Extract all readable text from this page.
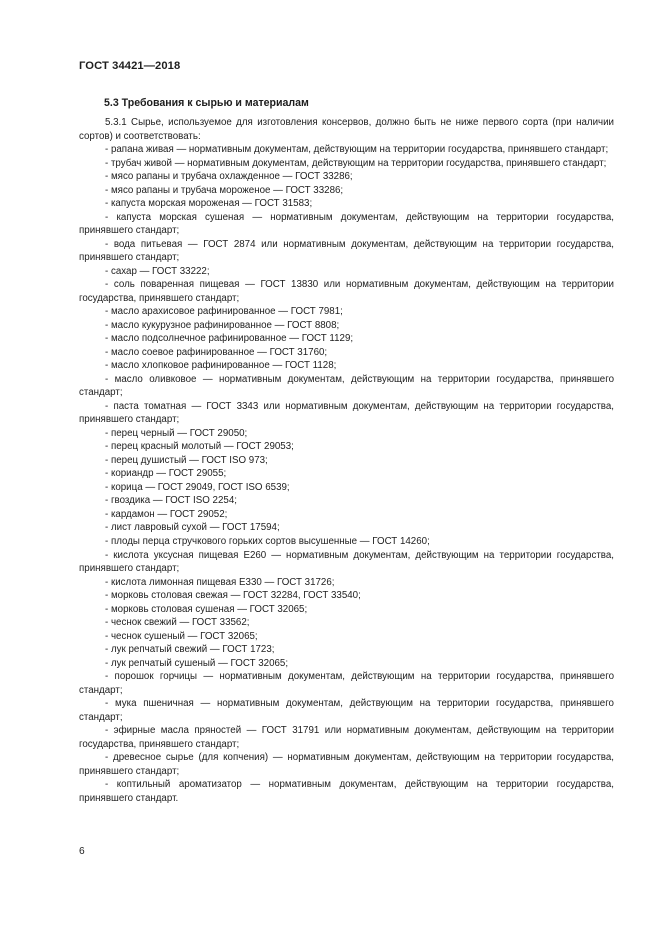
ГОСТ 34421—2018
5.3 Требования к сырью и материалам

5.3.1 Сырье, используемое для изготовления консервов, должно быть не ниже первого сорта (при наличии сортов) и соответствовать:

- рапана живая — нормативным документам, действующим на территории государства, принявшего стандарт;

- трубач живой — нормативным документам, действующим на территории государства, принявшего стандарт;

- мясо рапаны и трубача охлажденное — ГОСТ 33286;

- мясо рапаны и трубача мороженое — ГОСТ 33286;

- капуста морская мороженая — ГОСТ 31583;

- капуста морская сушеная — нормативным документам, действующим на территории государства, принявшего стандарт;

- вода питьевая — ГОСТ 2874 или нормативным документам, действующим на территории государства, принявшего стандарт;

- сахар — ГОСТ 33222;

- соль поваренная пищевая — ГОСТ 13830 или нормативным документам, действующим на территории государства, принявшего стандарт;

- масло арахисовое рафинированное — ГОСТ 7981;

- масло кукурузное рафинированное — ГОСТ 8808;

- масло подсолнечное рафинированное — ГОСТ 1129;

- масло соевое рафинированное — ГОСТ 31760;

- масло хлопковое рафинированное — ГОСТ 1128;

- масло оливковое — нормативным документам, действующим на территории государства, принявшего стандарт;

- паста томатная — ГОСТ 3343 или нормативным документам, действующим на территории государства, принявшего стандарт;

- перец черный — ГОСТ 29050;

- перец красный молотый — ГОСТ 29053;

- перец душистый — ГОСТ ISO 973;

- кориандр — ГОСТ 29055;

- корица — ГОСТ 29049, ГОСТ ISO 6539;

- гвоздика — ГОСТ ISO 2254;

- кардамон — ГОСТ 29052;

- лист лавровый сухой — ГОСТ 17594;

- плоды перца стручкового горьких сортов высушенные — ГОСТ 14260;

- кислота уксусная пищевая Е260 — нормативным документам, действующим на территории государства, принявшего стандарт;

- кислота лимонная пищевая Е330 — ГОСТ 31726;

- морковь столовая свежая — ГОСТ 32284, ГОСТ 33540;

- морковь столовая сушеная — ГОСТ 32065;

- чеснок свежий — ГОСТ 33562;

- чеснок сушеный — ГОСТ 32065;

- лук репчатый свежий — ГОСТ 1723;

- лук репчатый сушеный — ГОСТ 32065;

- порошок горчицы — нормативным документам, действующим на территории государства, принявшего стандарт;

- мука пшеничная — нормативным документам, действующим на территории государства, принявшего стандарт;

- эфирные масла пряностей — ГОСТ 31791 или нормативным документам, действующим на территории государства, принявшего стандарт;

- древесное сырье (для копчения) — нормативным документам, действующим на территории государства, принявшего стандарт;

- коптильный ароматизатор — нормативным документам, действующим на территории государства, принявшего стандарт.

6
